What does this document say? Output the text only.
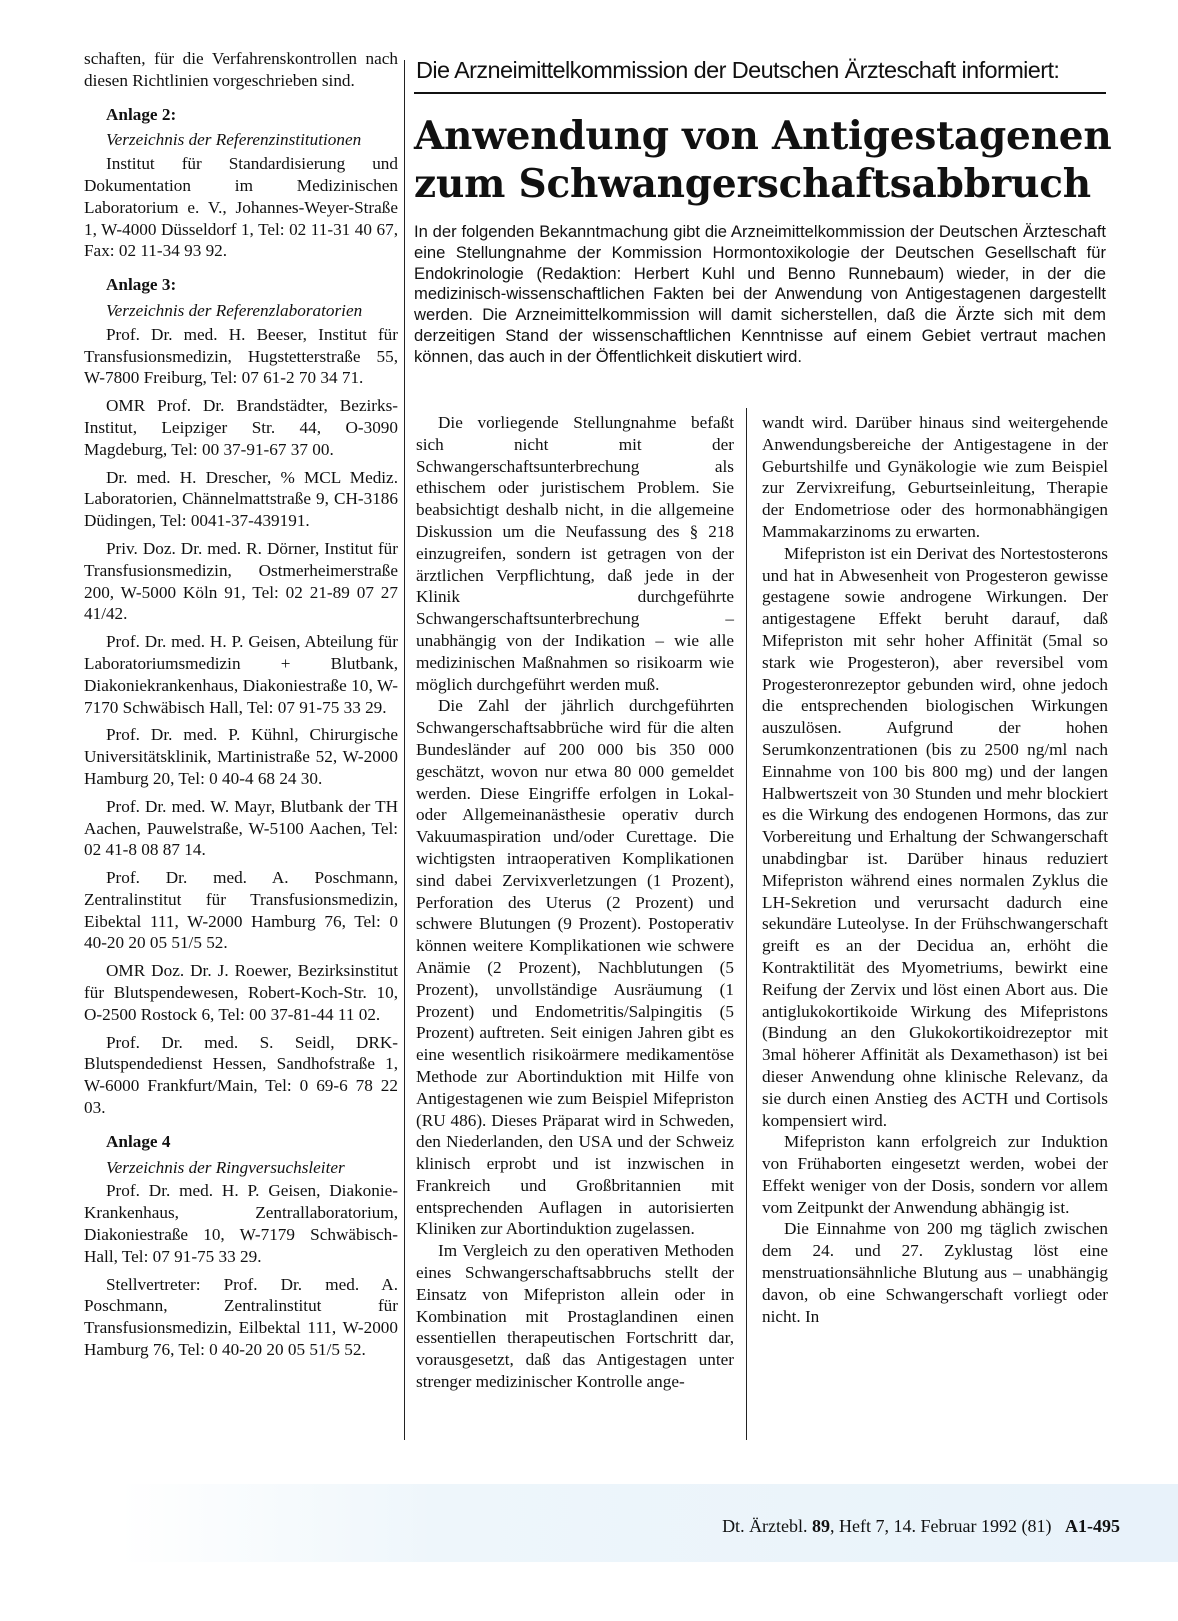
schaften, für die Verfahrenskontrollen nach diesen Richtlinien vorgeschrieben sind.

Anlage 2:
Verzeichnis der Referenzinstitutionen

Institut für Standardisierung und Dokumentation im Medizinischen Laboratorium e. V., Johannes-Weyer-Straße 1, W-4000 Düsseldorf 1, Tel: 02 11-31 40 67, Fax: 02 11-34 93 92.

Anlage 3:
Verzeichnis der Referenzlaboratorien

Prof. Dr. med. H. Beeser, Institut für Transfusionsmedizin, Hugstetterstraße 55, W-7800 Freiburg, Tel: 07 61-2 70 34 71.

OMR Prof. Dr. Brandstädter, Bezirks-Institut, Leipziger Str. 44, O-3090 Magdeburg, Tel: 00 37-91-67 37 00.

Dr. med. H. Drescher, % MCL Mediz. Laboratorien, Chännelmattstraße 9, CH-3186 Düdingen, Tel: 0041-37-439191.

Priv. Doz. Dr. med. R. Dörner, Institut für Transfusionsmedizin, Ostmerheimerstraße 200, W-5000 Köln 91, Tel: 02 21-89 07 27 41/42.

Prof. Dr. med. H. P. Geisen, Abteilung für Laboratoriumsmedizin + Blutbank, Diakoniekrankenhaus, Diakoniestraße 10, W-7170 Schwäbisch Hall, Tel: 07 91-75 33 29.

Prof. Dr. med. P. Kühnl, Chirurgische Universitätsklinik, Martinistraße 52, W-2000 Hamburg 20, Tel: 0 40-4 68 24 30.

Prof. Dr. med. W. Mayr, Blutbank der TH Aachen, Pauwelstraße, W-5100 Aachen, Tel: 02 41-8 08 87 14.

Prof. Dr. med. A. Poschmann, Zentralinstitut für Transfusionsmedizin, Eibektal 111, W-2000 Hamburg 76, Tel: 0 40-20 20 05 51/5 52.

OMR Doz. Dr. J. Roewer, Bezirksinstitut für Blutspendewesen, Robert-Koch-Str. 10, O-2500 Rostock 6, Tel: 00 37-81-44 11 02.

Prof. Dr. med. S. Seidl, DRK-Blutspendedienst Hessen, Sandhofstraße 1, W-6000 Frankfurt/Main, Tel: 0 69-6 78 22 03.

Anlage 4
Verzeichnis der Ringversuchsleiter

Prof. Dr. med. H. P. Geisen, Diakonie-Krankenhaus, Zentrallaboratorium, Diakoniestraße 10, W-7179 Schwäbisch-Hall, Tel: 07 91-75 33 29.

Stellvertreter: Prof. Dr. med. A. Poschmann, Zentralinstitut für Transfusionsmedizin, Eilbektal 111, W-2000 Hamburg 76, Tel: 0 40-20 20 05 51/5 52.

Die Arzneimittelkommission der Deutschen Ärzteschaft informiert:
Anwendung von Antigestagenen
zum Schwangerschaftsabbruch
In der folgenden Bekanntmachung gibt die Arzneimittelkommission der Deutschen Ärzteschaft eine Stellungnahme der Kommission Hormontoxikologie der Deutschen Gesellschaft für Endokrinologie (Redaktion: Herbert Kuhl und Benno Runnebaum) wieder, in der die medizinisch-wissenschaftlichen Fakten bei der Anwendung von Antigestagenen dargestellt werden. Die Arzneimittelkommission will damit sicherstellen, daß die Ärzte sich mit dem derzeitigen Stand der wissenschaftlichen Kenntnisse auf einem Gebiet vertraut machen können, das auch in der Öffentlichkeit diskutiert wird.

Die vorliegende Stellungnahme befaßt sich nicht mit der Schwangerschaftsunterbrechung als ethischem oder juristischem Problem. Sie beabsichtigt deshalb nicht, in die allgemeine Diskussion um die Neufassung des § 218 einzugreifen, sondern ist getragen von der ärztlichen Verpflichtung, daß jede in der Klinik durchgeführte Schwangerschaftsunterbrechung – unabhängig von der Indikation – wie alle medizinischen Maßnahmen so risikoarm wie möglich durchgeführt werden muß.

Die Zahl der jährlich durchgeführten Schwangerschaftsabbrüche wird für die alten Bundesländer auf 200 000 bis 350 000 geschätzt, wovon nur etwa 80 000 gemeldet werden. Diese Eingriffe erfolgen in Lokal- oder Allgemeinanästhesie operativ durch Vakuumaspiration und/oder Curettage. Die wichtigsten intraoperativen Komplikationen sind dabei Zervixverletzungen (1 Prozent), Perforation des Uterus (2 Prozent) und schwere Blutungen (9 Prozent). Postoperativ können weitere Komplikationen wie schwere Anämie (2 Prozent), Nachblutungen (5 Prozent), unvollständige Ausräumung (1 Prozent) und Endometritis/Salpingitis (5 Prozent) auftreten. Seit einigen Jahren gibt es eine wesentlich risikoärmere medikamentöse Methode zur Abortinduktion mit Hilfe von Antigestagenen wie zum Beispiel Mifepriston (RU 486). Dieses Präparat wird in Schweden, den Niederlanden, den USA und der Schweiz klinisch erprobt und ist inzwischen in Frankreich und Großbritannien mit entsprechenden Auflagen in autorisierten Kliniken zur Abortinduktion zugelassen.

Im Vergleich zu den operativen Methoden eines Schwangerschaftsabbruchs stellt der Einsatz von Mifepriston allein oder in Kombination mit Prostaglandinen einen essentiellen therapeutischen Fortschritt dar, vorausgesetzt, daß das Antigestagen unter strenger medizinischer Kontrolle ange-

wandt wird. Darüber hinaus sind weitergehende Anwendungsbereiche der Antigestagene in der Geburtshilfe und Gynäkologie wie zum Beispiel zur Zervixreifung, Geburtseinleitung, Therapie der Endometriose oder des hormonabhängigen Mammakarzinoms zu erwarten.

Mifepriston ist ein Derivat des Nortestosterons und hat in Abwesenheit von Progesteron gewisse gestagene sowie androgene Wirkungen. Der antigestagene Effekt beruht darauf, daß Mifepriston mit sehr hoher Affinität (5mal so stark wie Progesteron), aber reversibel vom Progesteronrezeptor gebunden wird, ohne jedoch die entsprechenden biologischen Wirkungen auszulösen. Aufgrund der hohen Serumkonzentrationen (bis zu 2500 ng/ml nach Einnahme von 100 bis 800 mg) und der langen Halbwertszeit von 30 Stunden und mehr blockiert es die Wirkung des endogenen Hormons, das zur Vorbereitung und Erhaltung der Schwangerschaft unabdingbar ist. Darüber hinaus reduziert Mifepriston während eines normalen Zyklus die LH-Sekretion und verursacht dadurch eine sekundäre Luteolyse. In der Frühschwangerschaft greift es an der Decidua an, erhöht die Kontraktilität des Myometriums, bewirkt eine Reifung der Zervix und löst einen Abort aus. Die antiglukokortikoide Wirkung des Mifepristons (Bindung an den Glukokortikoidrezeptor mit 3mal höherer Affinität als Dexamethason) ist bei dieser Anwendung ohne klinische Relevanz, da sie durch einen Anstieg des ACTH und Cortisols kompensiert wird.

Mifepriston kann erfolgreich zur Induktion von Frühaborten eingesetzt werden, wobei der Effekt weniger von der Dosis, sondern vor allem vom Zeitpunkt der Anwendung abhängig ist.

Die Einnahme von 200 mg täglich zwischen dem 24. und 27. Zyklustag löst eine menstruationsähnliche Blutung aus – unabhängig davon, ob eine Schwangerschaft vorliegt oder nicht. In

Dt. Ärztebl. 89, Heft 7, 14. Februar 1992 (81) A1-495
